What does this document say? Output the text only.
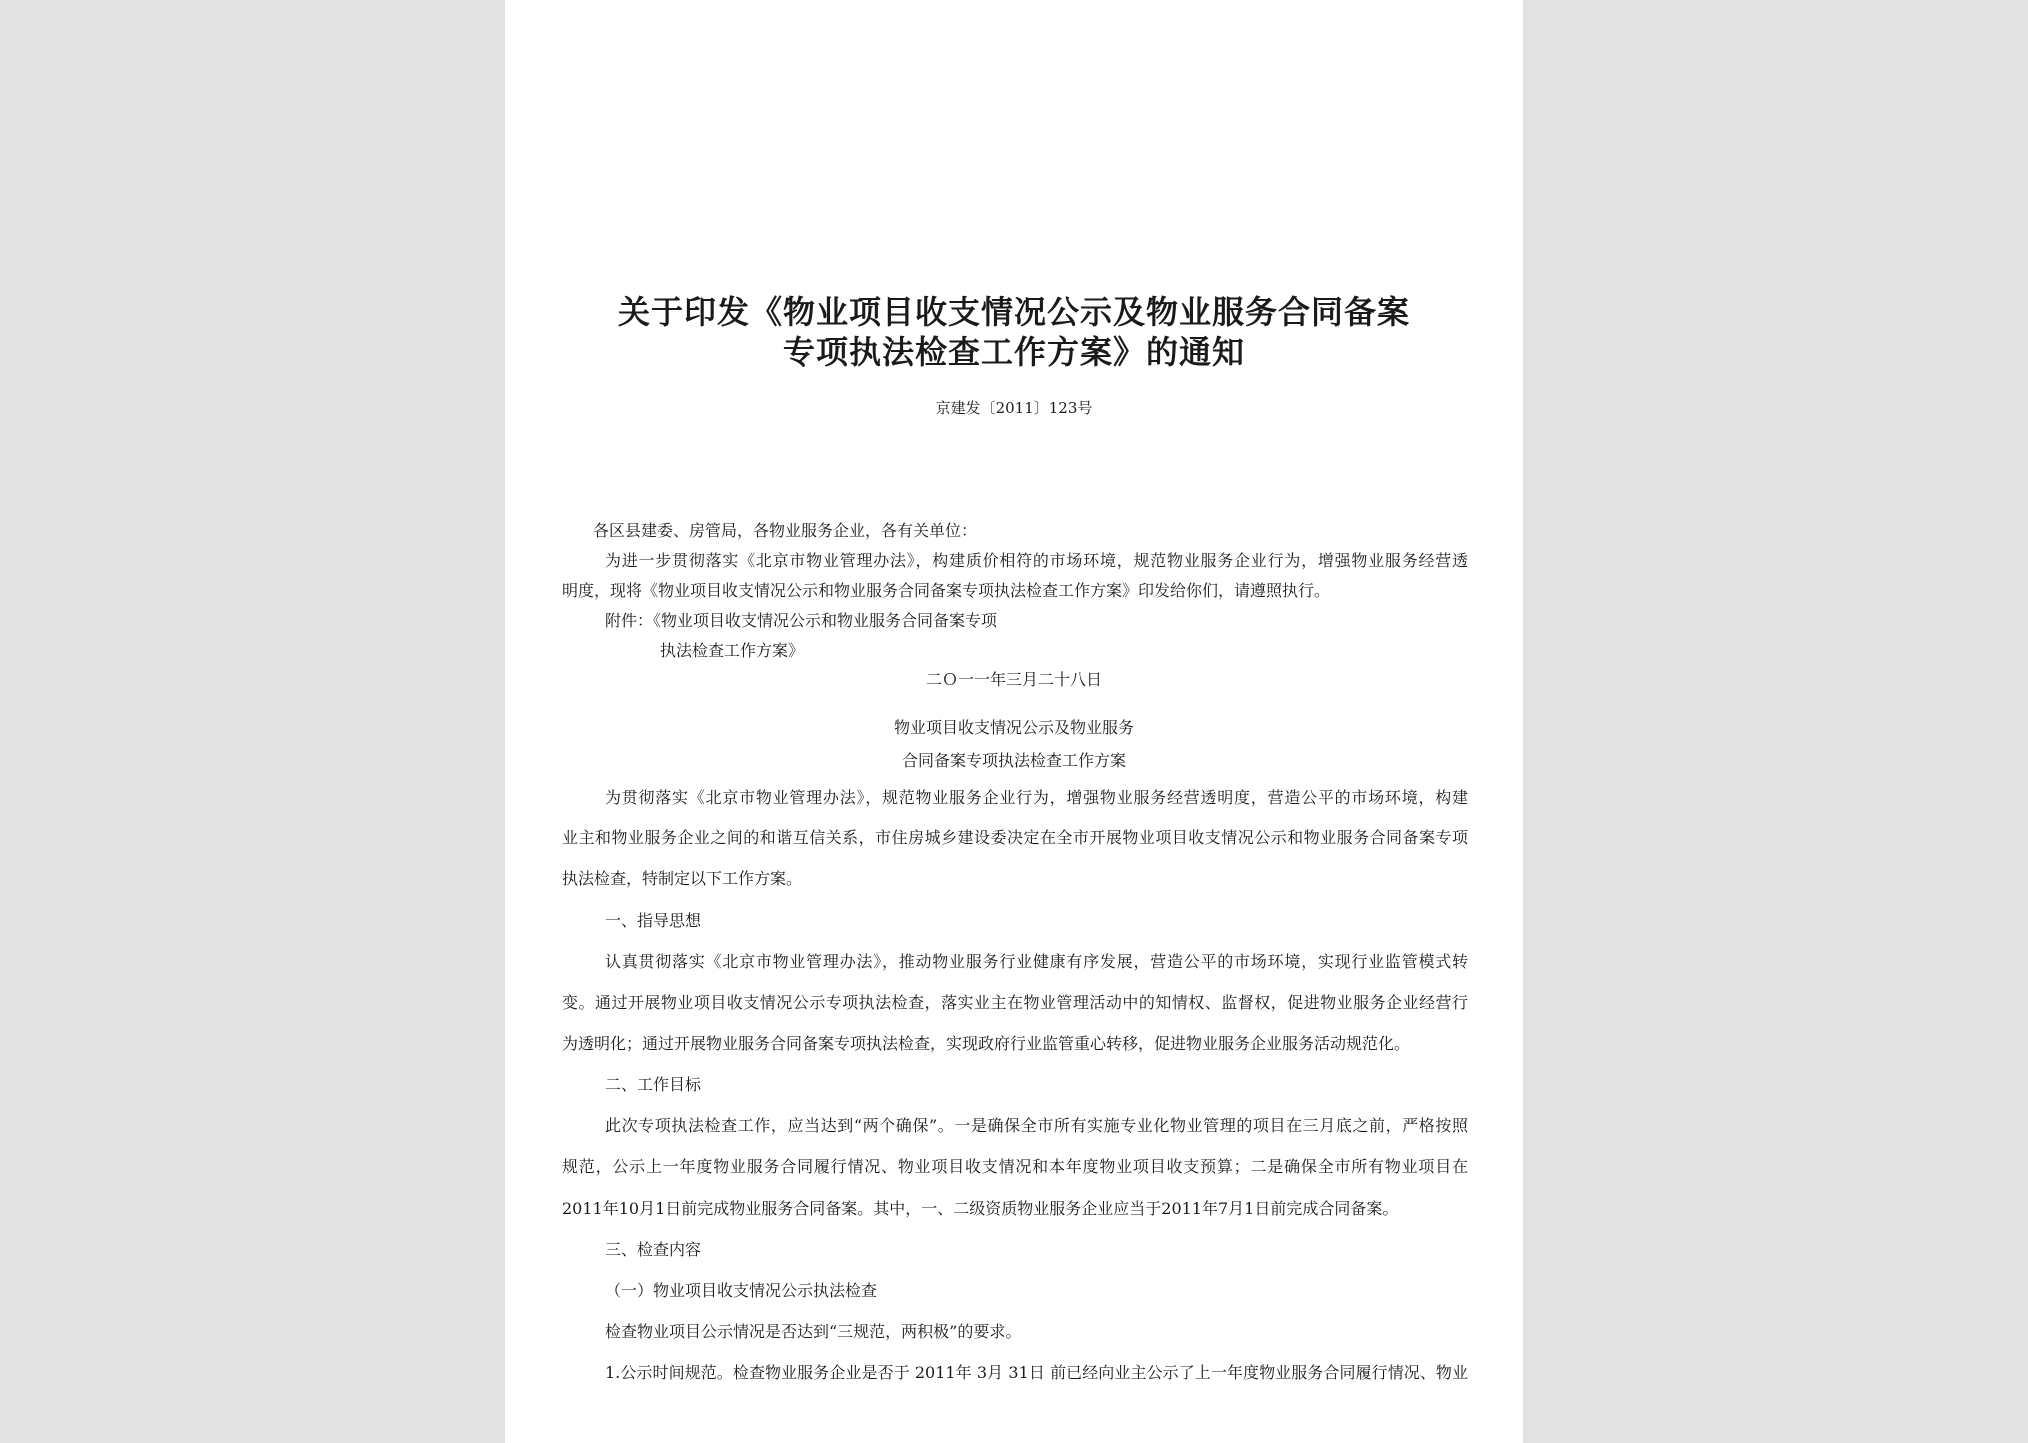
关于印发《物业项目收支情况公示及物业服务合同备案
专项执法检查工作方案》的通知
京建发〔2011〕123号
各区县建委、房管局，各物业服务企业，各有关单位：
为进一步贯彻落实《北京市物业管理办法》，构建质价相符的市场环境，规范物业服务企业行为，增强物业服务经营透
明度，现将《物业项目收支情况公示和物业服务合同备案专项执法检查工作方案》印发给你们，请遵照执行。
附件：《物业项目收支情况公示和物业服务合同备案专项
执法检查工作方案》
二Ｏ一一年三月二十八日
物业项目收支情况公示及物业服务
合同备案专项执法检查工作方案
为贯彻落实《北京市物业管理办法》，规范物业服务企业行为，增强物业服务经营透明度，营造公平的市场环境，构建
业主和物业服务企业之间的和谐互信关系，市住房城乡建设委决定在全市开展物业项目收支情况公示和物业服务合同备案专项
执法检查，特制定以下工作方案。
一、指导思想
认真贯彻落实《北京市物业管理办法》，推动物业服务行业健康有序发展，营造公平的市场环境，实现行业监管模式转
变。通过开展物业项目收支情况公示专项执法检查，落实业主在物业管理活动中的知情权、监督权，促进物业服务企业经营行
为透明化；通过开展物业服务合同备案专项执法检查，实现政府行业监管重心转移，促进物业服务企业服务活动规范化。
二、工作目标
此次专项执法检查工作，应当达到“两个确保”。一是确保全市所有实施专业化物业管理的项目在三月底之前，严格按照
规范，公示上一年度物业服务合同履行情况、物业项目收支情况和本年度物业项目收支预算；二是确保全市所有物业项目在
2011年10月1日前完成物业服务合同备案。其中，一、二级资质物业服务企业应当于2011年7月1日前完成合同备案。
三、检查内容
（一）物业项目收支情况公示执法检查
检查物业项目公示情况是否达到“三规范，两积极”的要求。
1.公示时间规范。检查物业服务企业是否于 2011年 3月 31日 前已经向业主公示了上一年度物业服务合同履行情况、物业
